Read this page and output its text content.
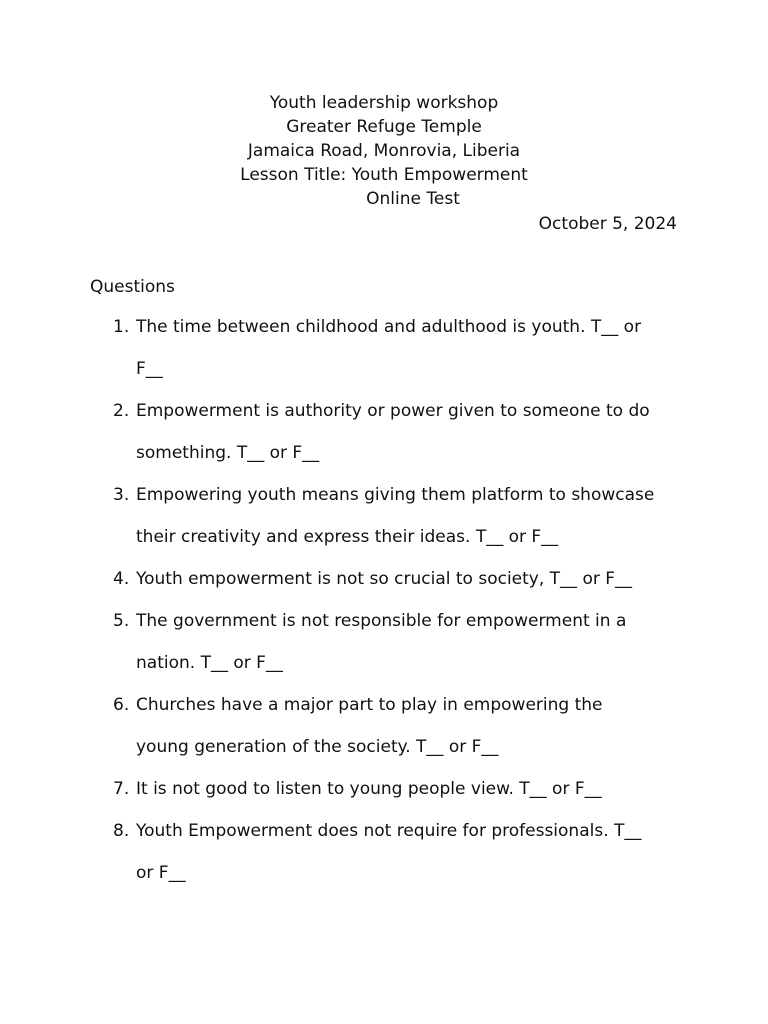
Youth leadership workshop
Greater Refuge Temple
Jamaica Road, Monrovia, Liberia
Lesson Title: Youth Empowerment
Online Test
October 5, 2024
Questions
1. The time between childhood and adulthood is youth. T__ or
F__
2. Empowerment is authority or power given to someone to do
something. T__ or F__
3. Empowering youth means giving them platform to showcase
their creativity and express their ideas. T__ or F__
4. Youth empowerment is not so crucial to society, T__ or F__
5. The government is not responsible for empowerment in a
nation. T__ or F__
6. Churches have a major part to play in empowering the
young generation of the society. T__ or F__
7. It is not good to listen to young people view. T__ or F__
8. Youth Empowerment does not require for professionals. T__
or F__
